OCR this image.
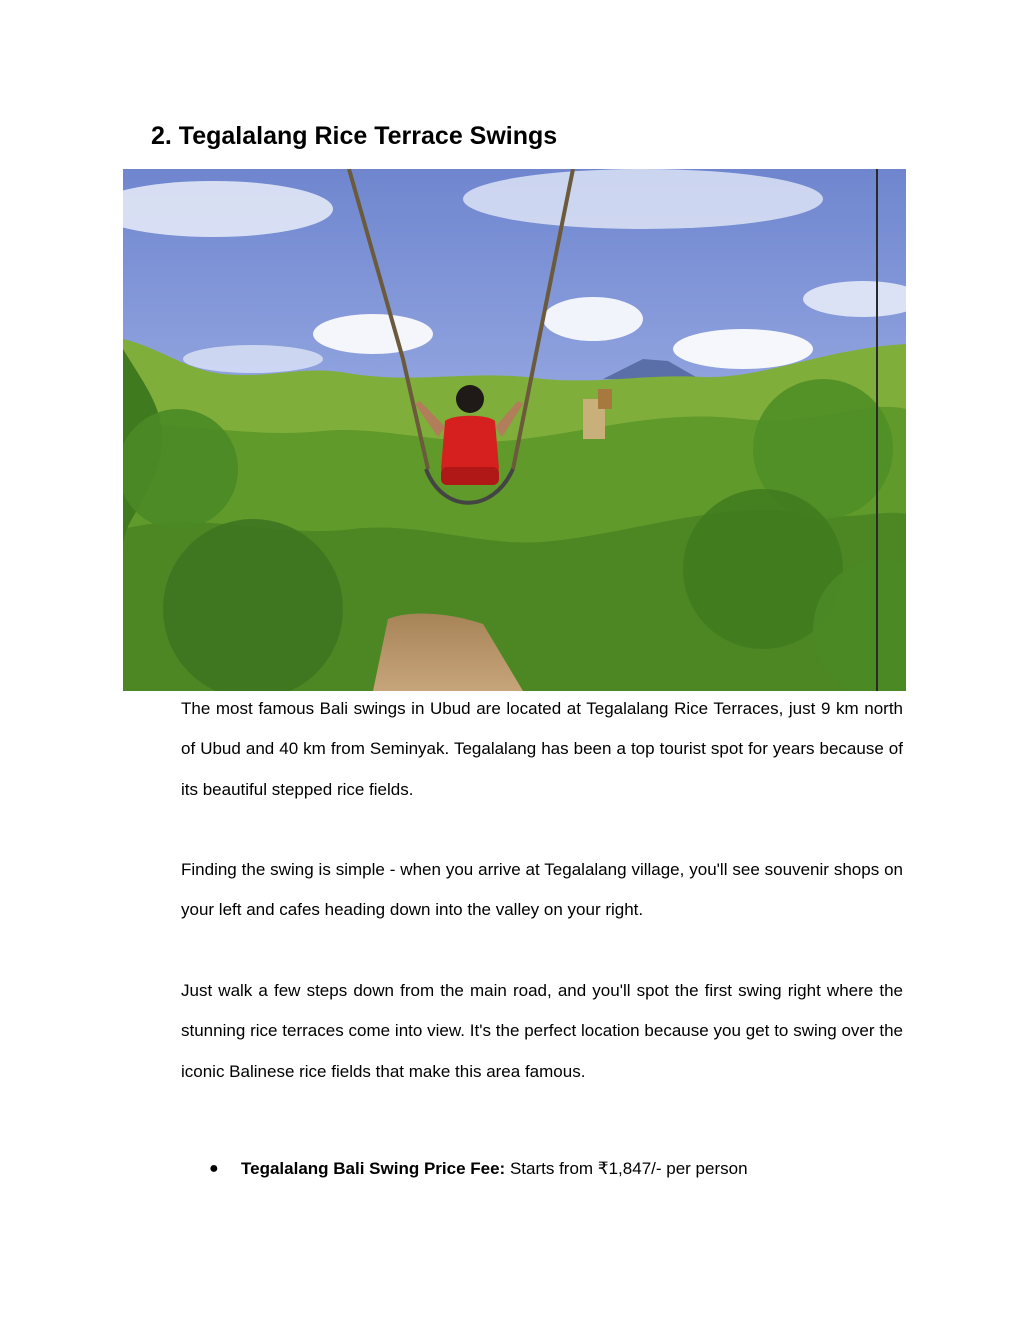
2. Tegalalang Rice Terrace Swings

The most famous Bali swings in Ubud are located at Tegalalang Rice Terraces, just 9 km north of Ubud and 40 km from Seminyak. Tegalalang has been a top tourist spot for years because of its beautiful stepped rice fields.

Finding the swing is simple - when you arrive at Tegalalang village, you'll see souvenir shops on your left and cafes heading down into the valley on your right.

Just walk a few steps down from the main road, and you'll spot the first swing right where the stunning rice terraces come into view. It's the perfect location because you get to swing over the iconic Balinese rice fields that make this area famous.

● Tegalalang Bali Swing Price Fee: Starts from ₹1,847/- per person
